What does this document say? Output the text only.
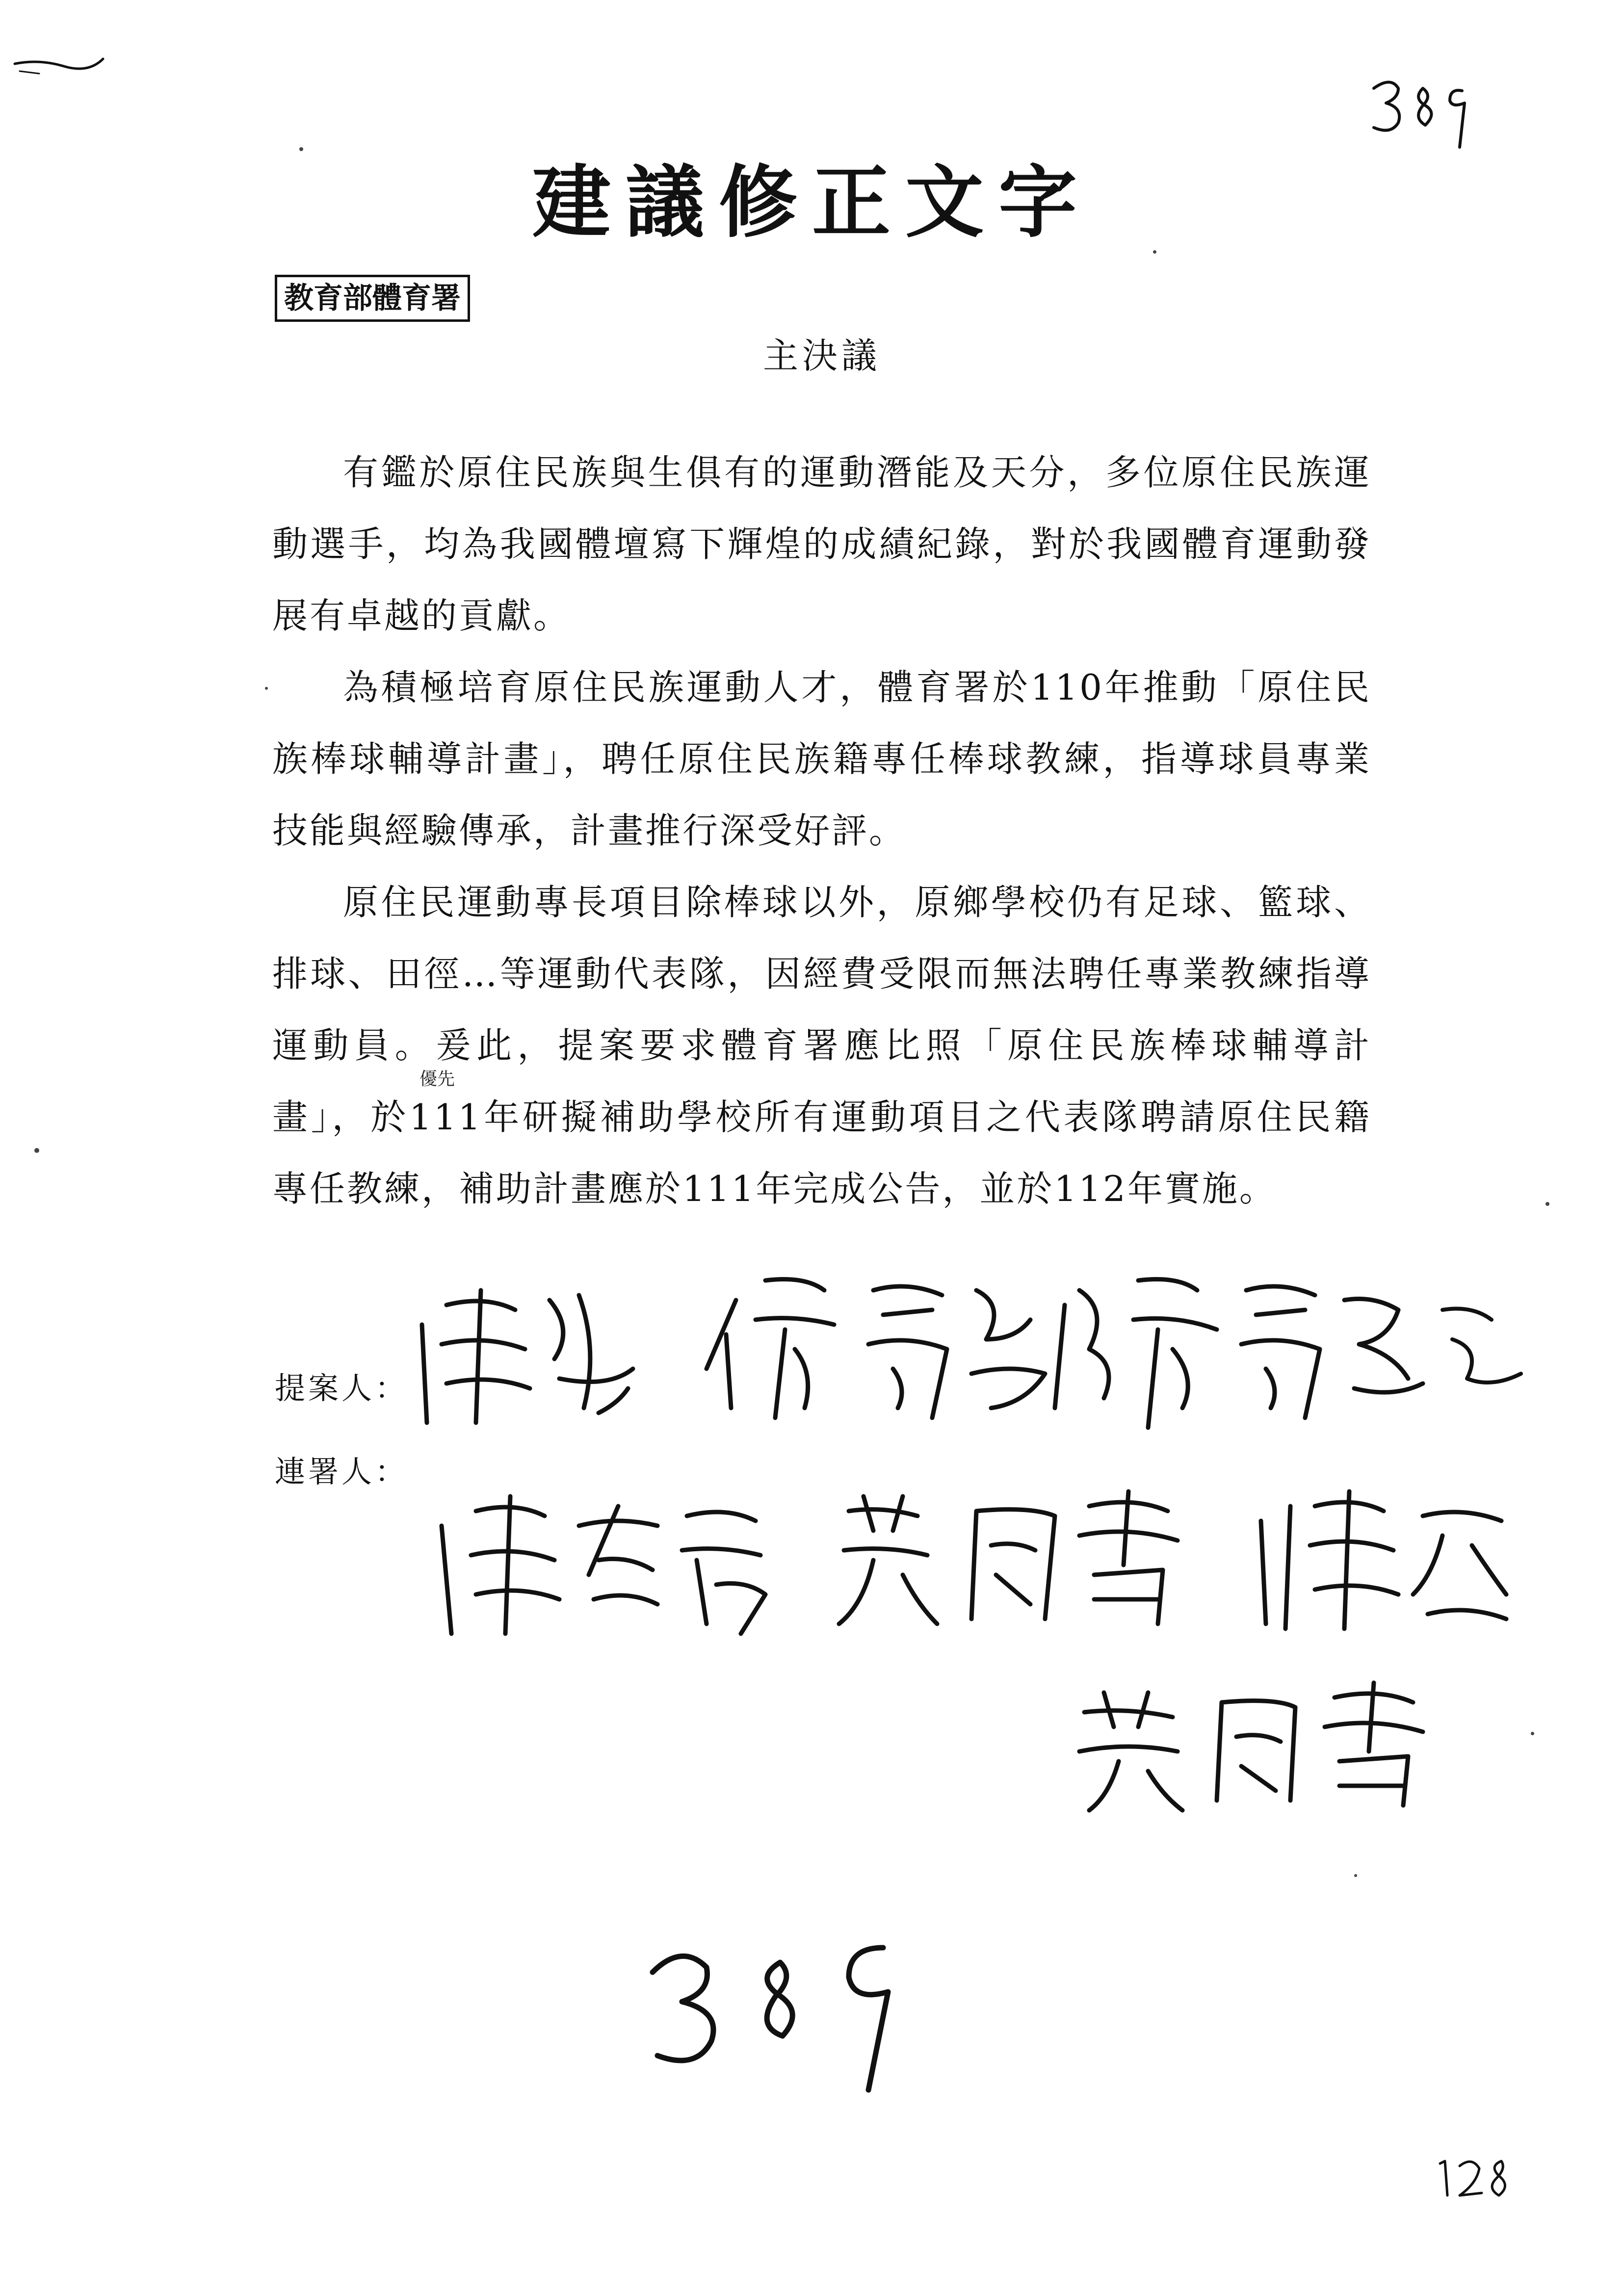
建議修正文字
教育部體育署
主決議

有鑑於原住民族與生俱有的運動潛能及天分，多位原住民族運動選手，均為我國體壇寫下輝煌的成績紀錄，對於我國體育運動發展有卓越的貢獻。

為積極培育原住民族運動人才，體育署於110年推動「原住民族棒球輔導計畫」，聘任原住民族籍專任棒球教練，指導球員專業技能與經驗傳承，計畫推行深受好評。

原住民運動專長項目除棒球以外，原鄉學校仍有足球、籃球、排球、田徑…等運動代表隊，因經費受限而無法聘任專業教練指導運動員。爰此，提案要求體育署應比照「原住民族棒球輔導計畫」，於111年研擬補助學校所有運動項目之代表隊聘請原住民籍專任教練，補助計畫應於111年完成公告，並於112年實施。

優先
提案人：
連署人：
